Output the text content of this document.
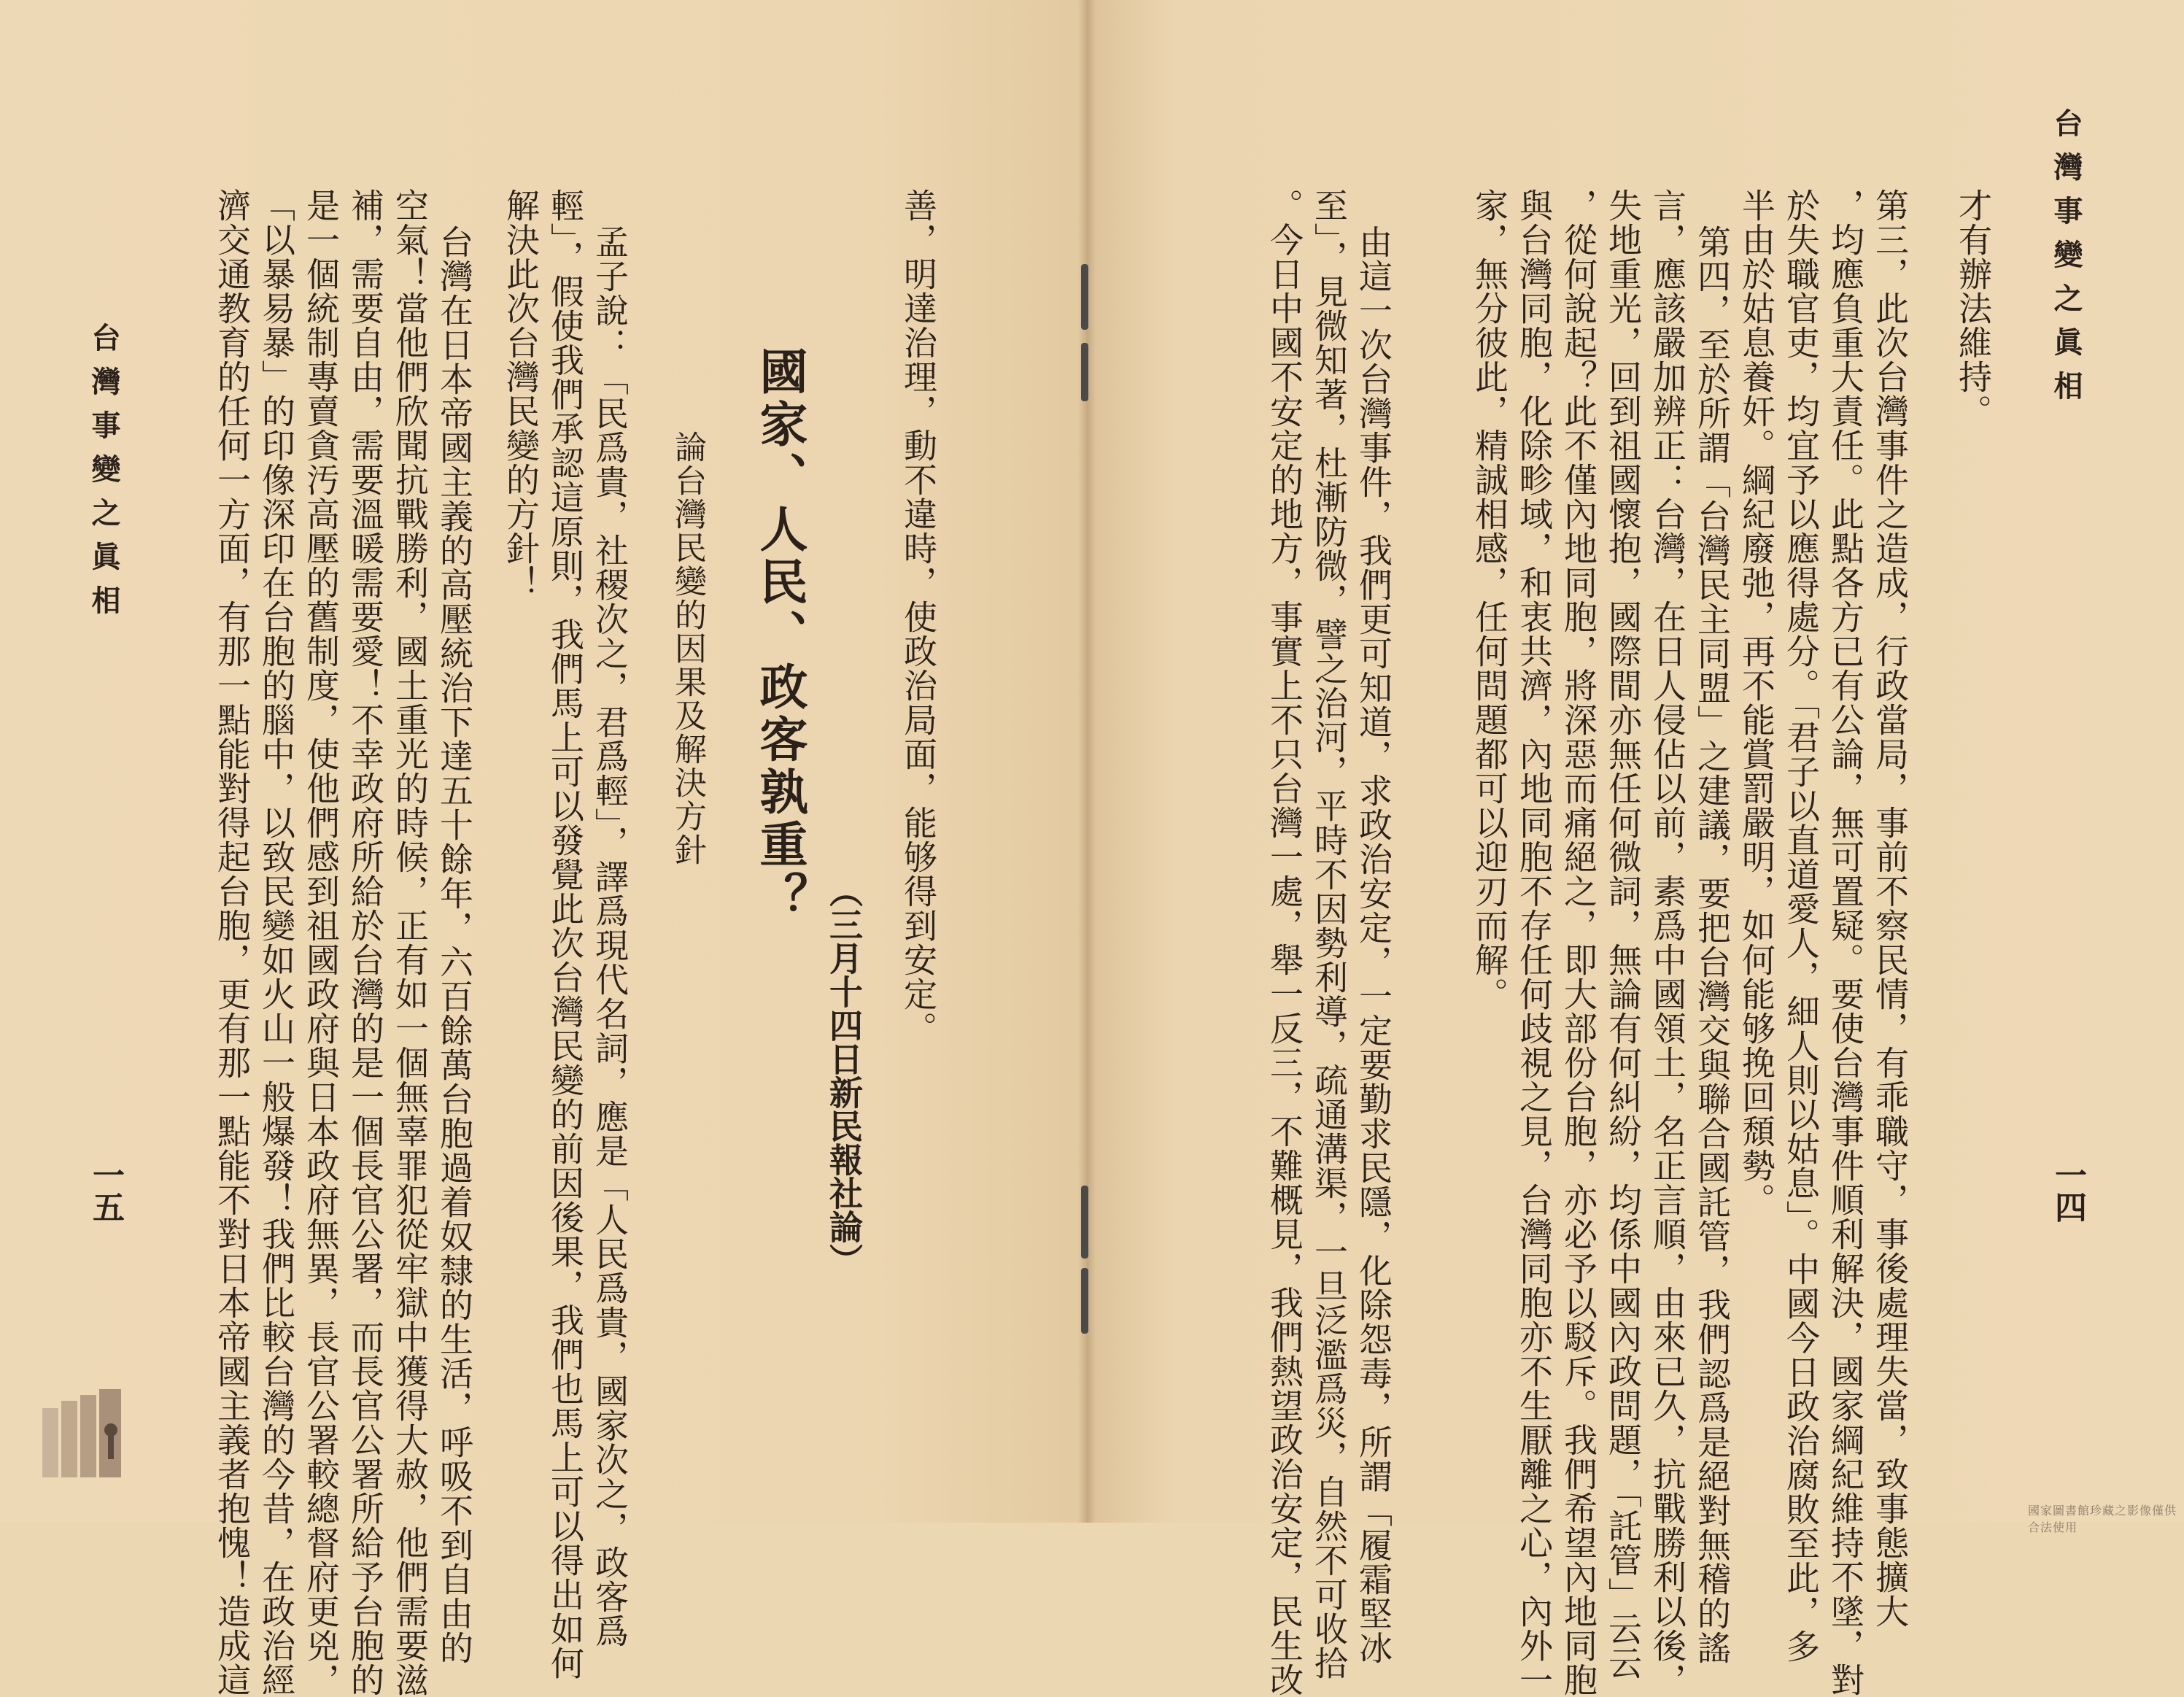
台灣事變之眞相
一四
才有辦法維持。
第三，此次台灣事件之造成，行政當局，事前不察民情，有乖職守，事後處理失當，致事態擴大
，均應負重大責任。此點各方已有公論，無可置疑。要使台灣事件順利解決，國家綱紀維持不墜，對
於失職官吏，均宜予以應得處分。「君子以直道愛人，細人則以姑息」。中國今日政治腐敗至此，多
半由於姑息養奸。綱紀廢弛，再不能賞罰嚴明，如何能够挽回頹勢。
第四，至於所謂「台灣民主同盟」之建議，要把台灣交與聯合國託管，我們認爲是絕對無稽的謠
言，應該嚴加辨正：台灣，在日人侵佔以前，素爲中國領土，名正言順，由來已久，抗戰勝利以後，
失地重光，回到祖國懷抱，國際間亦無任何微詞，無論有何糾紛，均係中國內政問題，「託管」云云
，從何說起？此不僅內地同胞，將深惡而痛絕之，即大部份台胞，亦必予以駁斥。我們希望內地同胞
與台灣同胞，化除畛域，和衷共濟，內地同胞不存任何歧視之見，台灣同胞亦不生厭離之心，內外一
家，無分彼此，精誠相感，任何問題都可以迎刃而解。
由這一次台灣事件，我們更可知道，求政治安定，一定要勤求民隱，化除怨毒，所謂「履霜堅冰
至」，見微知著，杜漸防微，譬之治河，平時不因勢利導，疏通溝渠，一旦泛濫爲災，自然不可收拾
。今日中國不安定的地方，事實上不只台灣一處，舉一反三，不難概見，我們熱望政治安定，民生改
善，明達治理，動不違時，使政治局面，能够得到安定。
（三月十四日新民報社論）
國家、人民、政客孰重？
論台灣民變的因果及解決方針
孟子說：「民爲貴，社稷次之，君爲輕」，譯爲現代名詞，應是「人民爲貴，國家次之，政客爲
輕」，假使我們承認這原則，我們馬上可以發覺此次台灣民變的前因後果，我們也馬上可以得出如何
解決此次台灣民變的方針！
台灣在日本帝國主義的高壓統治下達五十餘年，六百餘萬台胞過着奴隸的生活，呼吸不到自由的
空氣！當他們欣聞抗戰勝利，國土重光的時候，正有如一個無辜罪犯從牢獄中獲得大赦，他們需要滋
補，需要自由，需要溫暖需要愛！不幸政府所給於台灣的是一個長官公署，而長官公署所給予台胞的
是一個統制專賣貪汚高壓的舊制度，使他們感到祖國政府與日本政府無異，長官公署較總督府更兇，
「以暴易暴」的印像深印在台胞的腦中，以致民變如火山一般爆發！我們比較台灣的今昔，在政治經
濟交通教育的任何一方面，有那一點能對得起台胞，更有那一點能不對日本帝國主義者抱愧！造成這
台灣事變之眞相
一五
國家圖書館珍藏之影像僅供合法使用
